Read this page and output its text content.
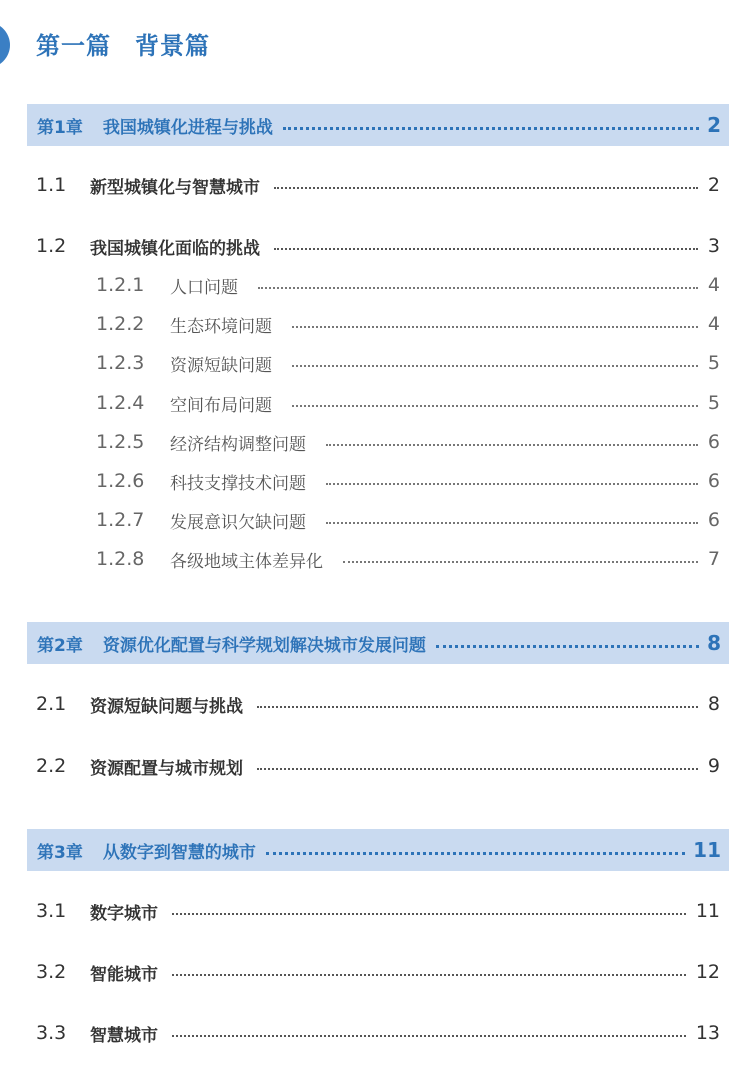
第一篇 背景篇
第1章 我国城镇化进程与挑战	2
1.1	新型城镇化与智慧城市	2
1.2	我国城镇化面临的挑战	3
1.2.1	人口问题	4
1.2.2	生态环境问题	4
1.2.3	资源短缺问题	5
1.2.4	空间布局问题	5
1.2.5	经济结构调整问题	6
1.2.6	科技支撑技术问题	6
1.2.7	发展意识欠缺问题	6
1.2.8	各级地域主体差异化	7
第2章 资源优化配置与科学规划解决城市发展问题	8
2.1	资源短缺问题与挑战	8
2.2	资源配置与城市规划	9
第3章 从数字到智慧的城市	11
3.1	数字城市	11
3.2	智能城市	12
3.3	智慧城市	13
